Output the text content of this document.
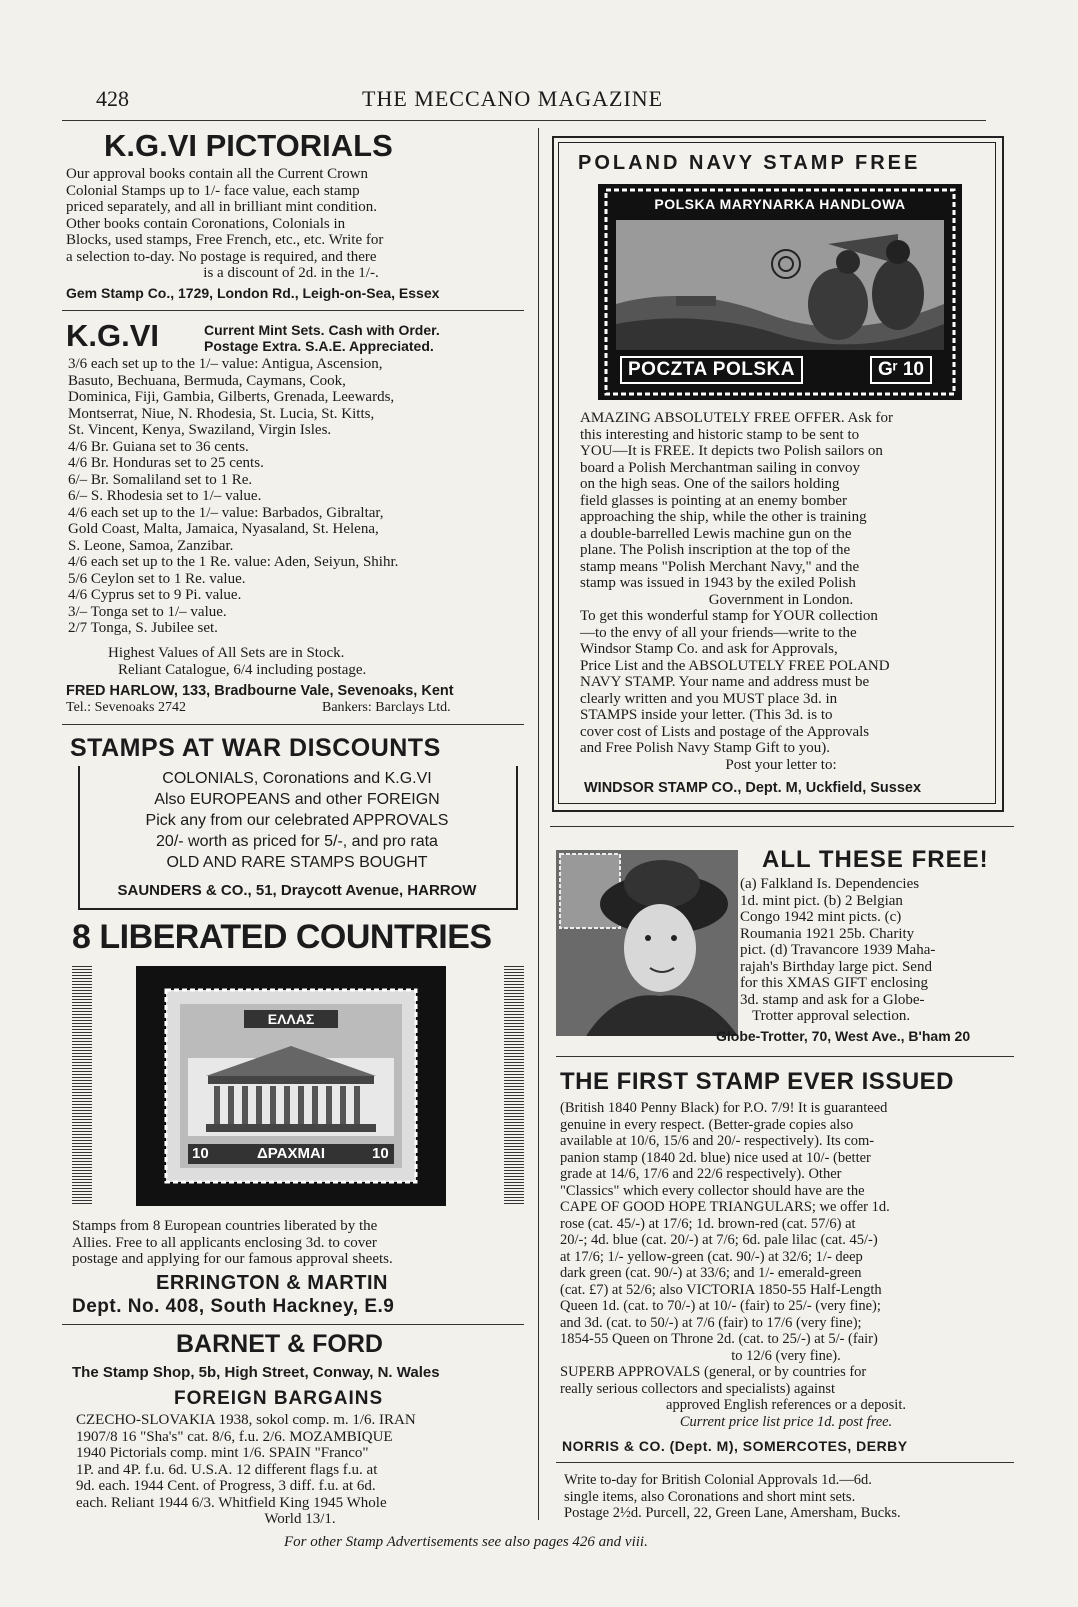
428	THE MECCANO MAGAZINE
K.G.VI PICTORIALS
Our approval books contain all the Current Crown
Colonial Stamps up to 1/- face value, each stamp
priced separately, and all in brilliant mint condition.
Other books contain Coronations, Colonials in
Blocks, used stamps, Free French, etc., etc. Write for
a selection to-day. No postage is required, and there
is a discount of 2d. in the 1/-.
Gem Stamp Co., 1729, London Rd., Leigh-on-Sea, Essex
K.G.VI	Current Mint Sets. Cash with Order.
Postage Extra. S.A.E. Appreciated.
3/6 each set up to the 1/– value: Antigua, Ascension,
Basuto, Bechuana, Bermuda, Caymans, Cook,
Dominica, Fiji, Gambia, Gilberts, Grenada, Leewards,
Montserrat, Niue, N. Rhodesia, St. Lucia, St. Kitts,
St. Vincent, Kenya, Swaziland, Virgin Isles.
4/6 Br. Guiana set to 36 cents.
4/6 Br. Honduras set to 25 cents.
6/– Br. Somaliland set to 1 Re.
6/– S. Rhodesia set to 1/– value.
4/6 each set up to the 1/– value: Barbados, Gibraltar,
Gold Coast, Malta, Jamaica, Nyasaland, St. Helena,
S. Leone, Samoa, Zanzibar.
4/6 each set up to the 1 Re. value: Aden, Seiyun, Shihr.
5/6 Ceylon set to 1 Re. value.
4/6 Cyprus set to 9 Pi. value.
3/– Tonga set to 1/– value.
2/7 Tonga, S. Jubilee set.
Highest Values of All Sets are in Stock.
Reliant Catalogue, 6/4 including postage.
FRED HARLOW, 133, Bradbourne Vale, Sevenoaks, Kent
Tel.: Sevenoaks 2742	Bankers: Barclays Ltd.
STAMPS AT WAR DISCOUNTS
COLONIALS, Coronations and K.G.VI
Also EUROPEANS and other FOREIGN
Pick any from our celebrated APPROVALS
20/- worth as priced for 5/-, and pro rata
OLD AND RARE STAMPS BOUGHT
SAUNDERS & CO., 51, Draycott Avenue, HARROW
8 LIBERATED COUNTRIES
ΕΛΛΑΣ
ΔΡΑΧΜΑΙ
10	10
Stamps from 8 European countries liberated by the
Allies. Free to all applicants enclosing 3d. to cover
postage and applying for our famous approval sheets.
ERRINGTON & MARTIN
Dept. No. 408, South Hackney, E.9
BARNET & FORD
The Stamp Shop, 5b, High Street, Conway, N. Wales
FOREIGN BARGAINS
CZECHO-SLOVAKIA 1938, sokol comp. m. 1/6. IRAN
1907/8 16 "Sha's" cat. 8/6, f.u. 2/6. MOZAMBIQUE
1940 Pictorials comp. mint 1/6. SPAIN "Franco"
1P. and 4P. f.u. 6d. U.S.A. 12 different flags f.u. at
9d. each. 1944 Cent. of Progress, 3 diff. f.u. at 6d.
each. Reliant 1944 6/3. Whitfield King 1945 Whole
World 13/1.
POLAND NAVY STAMP FREE
POLSKA MARYNARKA HANDLOWA
POCZTA POLSKA	Gʳ 10
AMAZING ABSOLUTELY FREE OFFER. Ask for
this interesting and historic stamp to be sent to
YOU—It is FREE. It depicts two Polish sailors on
board a Polish Merchantman sailing in convoy
on the high seas. One of the sailors holding
field glasses is pointing at an enemy bomber
approaching the ship, while the other is training
a double-barrelled Lewis machine gun on the
plane. The Polish inscription at the top of the
stamp means "Polish Merchant Navy," and the
stamp was issued in 1943 by the exiled Polish
Government in London.
To get this wonderful stamp for YOUR collection
—to the envy of all your friends—write to the
Windsor Stamp Co. and ask for Approvals,
Price List and the ABSOLUTELY FREE POLAND
NAVY STAMP. Your name and address must be
clearly written and you MUST place 3d. in
STAMPS inside your letter. (This 3d. is to
cover cost of Lists and postage of the Approvals
and Free Polish Navy Stamp Gift to you).
Post your letter to:
WINDSOR STAMP CO., Dept. M, Uckfield, Sussex
ALL THESE FREE!
(a) Falkland Is. Dependencies
1d. mint pict. (b) 2 Belgian
Congo 1942 mint picts. (c)
Roumania 1921 25b. Charity
pict. (d) Travancore 1939 Maha-
rajah's Birthday large pict. Send
for this XMAS GIFT enclosing
3d. stamp and ask for a Globe-
Trotter approval selection.
Globe-Trotter, 70, West Ave., B'ham 20
THE FIRST STAMP EVER ISSUED
(British 1840 Penny Black) for P.O. 7/9! It is guaranteed
genuine in every respect. (Better-grade copies also
available at 10/6, 15/6 and 20/- respectively). Its com-
panion stamp (1840 2d. blue) nice used at 10/- (better
grade at 14/6, 17/6 and 22/6 respectively). Other
"Classics" which every collector should have are the
CAPE OF GOOD HOPE TRIANGULARS; we offer 1d.
rose (cat. 45/-) at 17/6; 1d. brown-red (cat. 57/6) at
20/-; 4d. blue (cat. 20/-) at 7/6; 6d. pale lilac (cat. 45/-)
at 17/6; 1/- yellow-green (cat. 90/-) at 32/6; 1/- deep
dark green (cat. 90/-) at 33/6; and 1/- emerald-green
(cat. £7) at 52/6; also VICTORIA 1850-55 Half-Length
Queen 1d. (cat. to 70/-) at 10/- (fair) to 25/- (very fine);
and 3d. (cat. to 50/-) at 7/6 (fair) to 17/6 (very fine);
1854-55 Queen on Throne 2d. (cat. to 25/-) at 5/- (fair)
to 12/6 (very fine).
SUPERB APPROVALS (general, or by countries for
really serious collectors and specialists) against
approved English references or a deposit.
Current price list price 1d. post free.
NORRIS & CO. (Dept. M), SOMERCOTES, DERBY
Write to-day for British Colonial Approvals 1d.—6d.
single items, also Coronations and short mint sets.
Postage 2½d. Purcell, 22, Green Lane, Amersham, Bucks.
For other Stamp Advertisements see also pages 426 and viii.
